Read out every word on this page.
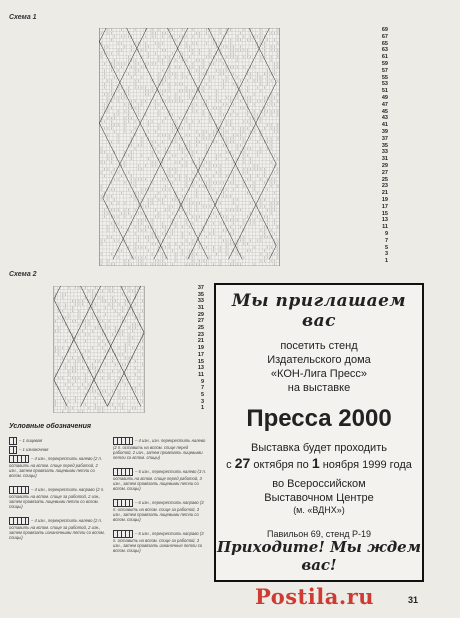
Схема 1
69
67
65
63
61
59
57
55
53
51
49
47
45
43
41
39
37
35
33
31
29
27
25
23
21
19
17
15
13
11
9
7
5
3
1
Схема 2
37
35
33
31
29
27
25
23
21
19
17
15
13
11
9
7
5
3
1
Условные обозначения
– 1 лицевая
– 1 изнаночная
– 4 изн., перекрестить налево (2 п. оставить на вспом. спице перед работой, 2 изн., затем провязать лицевыми петли со вспом. спицы)
– 4 изн., перекрестить направо (2 п. оставить на вспом. спице за работой, 2 изн., затем провязать лицевыми петли со вспом. спицы)
– 4 изн., перекрестить налево (2 п. оставить на вспом. спице за работой, 2 изн., затем провязать изнаночными петли со вспом. спицы)
– 4 изн., изн. перекрестить налево (2 п. оставить на вспом. спице перед работой, 2 изн., затем провязать лицевыми петли со вспом. спицы)
– 6 изн., перекрестить налево (3 п. оставить на вспом. спице перед работой, 3 изн., затем провязать лицевыми петли со вспом. спицы)
– 6 изн., перекрестить направо (3 п. оставить на вспом. спице за работой, 3 изн., затем провязать лицевыми петли со вспом. спицы)
– 6 изн., перекрестить направо (3 п. оставить на вспом. спице за работой, 3 изн., затем провязать изнаночные петли со вспом. спицы)
Мы приглашаем вас
посетить стенд
Издательского дома
«КОН-Лига Пресс»
на выставке
Пресса 2000
Выставка будет проходить
с 27 октября по 1 ноября 1999 года
во Всероссийском
Выставочном Центре
(м. «ВДНХ»)
Павильон 69, стенд Р-19
Приходите! Мы ждем вас!
Postila.ru	31
